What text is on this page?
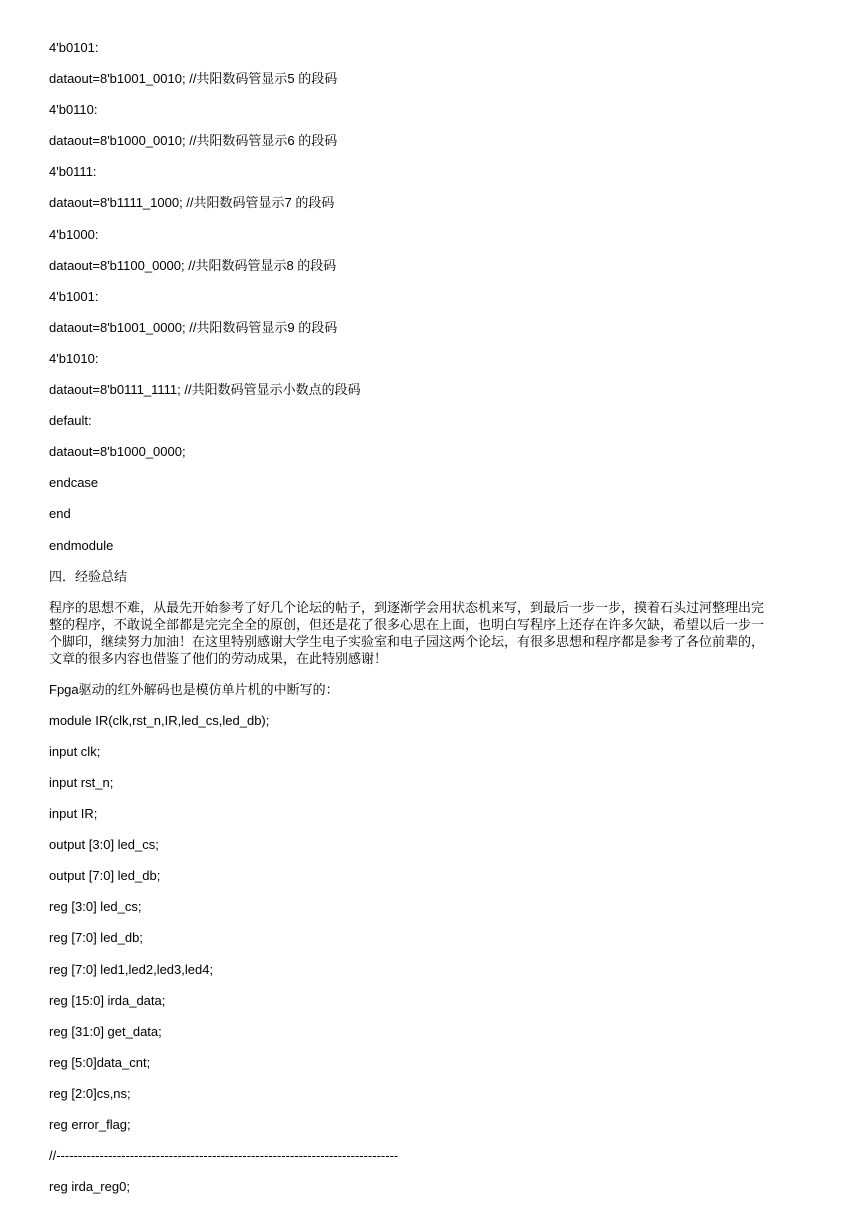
4'b0101:
dataout=8'b1001_0010; //共阳数码管显示5 的段码
4'b0110:
dataout=8'b1000_0010; //共阳数码管显示6 的段码
4'b0111:
dataout=8'b1111_1000; //共阳数码管显示7 的段码
4'b1000:
dataout=8'b1100_0000; //共阳数码管显示8 的段码
4'b1001:
dataout=8'b1001_0000; //共阳数码管显示9 的段码
4'b1010:
dataout=8'b0111_1111; //共阳数码管显示小数点的段码
default:
dataout=8'b1000_0000;
endcase
end
endmodule
四．经验总结
程序的思想不难，从最先开始参考了好几个论坛的帖子，到逐渐学会用状态机来写，到最后一步一步，摸着石头过河整理出完
整的程序，不敢说全部都是完完全全的原创，但还是花了很多心思在上面，也明白写程序上还存在许多欠缺，希望以后一步一
个脚印，继续努力加油！在这里特别感谢大学生电子实验室和电子园这两个论坛，有很多思想和程序都是参考了各位前辈的，
文章的很多内容也借鉴了他们的劳动成果，在此特别感谢！
Fpga驱动的红外解码也是模仿单片机的中断写的：
module IR(clk,rst_n,IR,led_cs,led_db);
input clk;
input rst_n;
input IR;
output [3:0] led_cs;
output [7:0] led_db;
reg [3:0] led_cs;
reg [7:0] led_db;
reg [7:0] led1,led2,led3,led4;
reg [15:0] irda_data;
reg [31:0] get_data;
reg [5:0]data_cnt;
reg [2:0]cs,ns;
reg error_flag;
//-------------------------------------------------------------------------------
reg irda_reg0;
